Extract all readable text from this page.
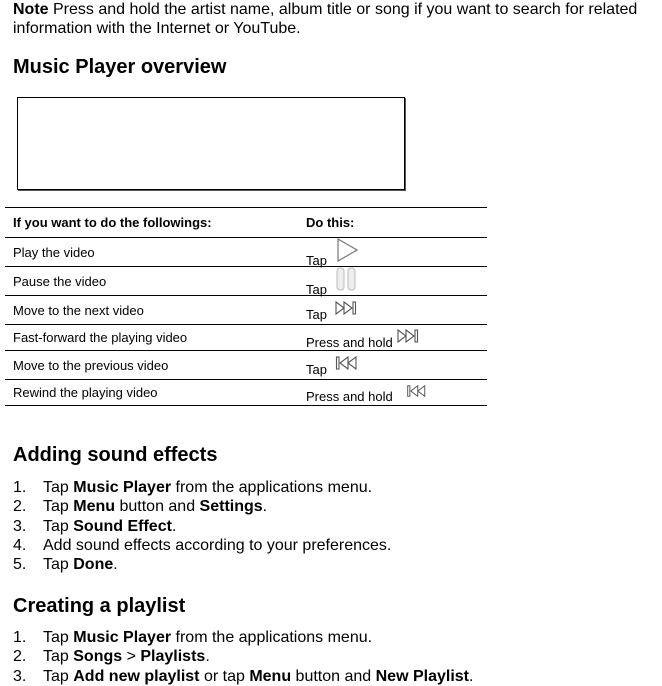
Note Press and hold the artist name, album title or song if you want to search for related information with the Internet or YouTube.
Music Player overview
If you want to do the followings:	Do this:
Play the video	Tap

Pause the video	Tap

Move to the next video	Tap

Fast-forward the playing video	Press and hold

Move to the previous video	Tap

Rewind the playing video	Press and hold
Adding sound effects
1. Tap Music Player from the applications menu.
2. Tap Menu button and Settings.
3. Tap Sound Effect.
4. Add sound effects according to your preferences.
5. Tap Done.
Creating a playlist
1. Tap Music Player from the applications menu.
2. Tap Songs > Playlists.
3. Tap Add new playlist or tap Menu button and New Playlist.
